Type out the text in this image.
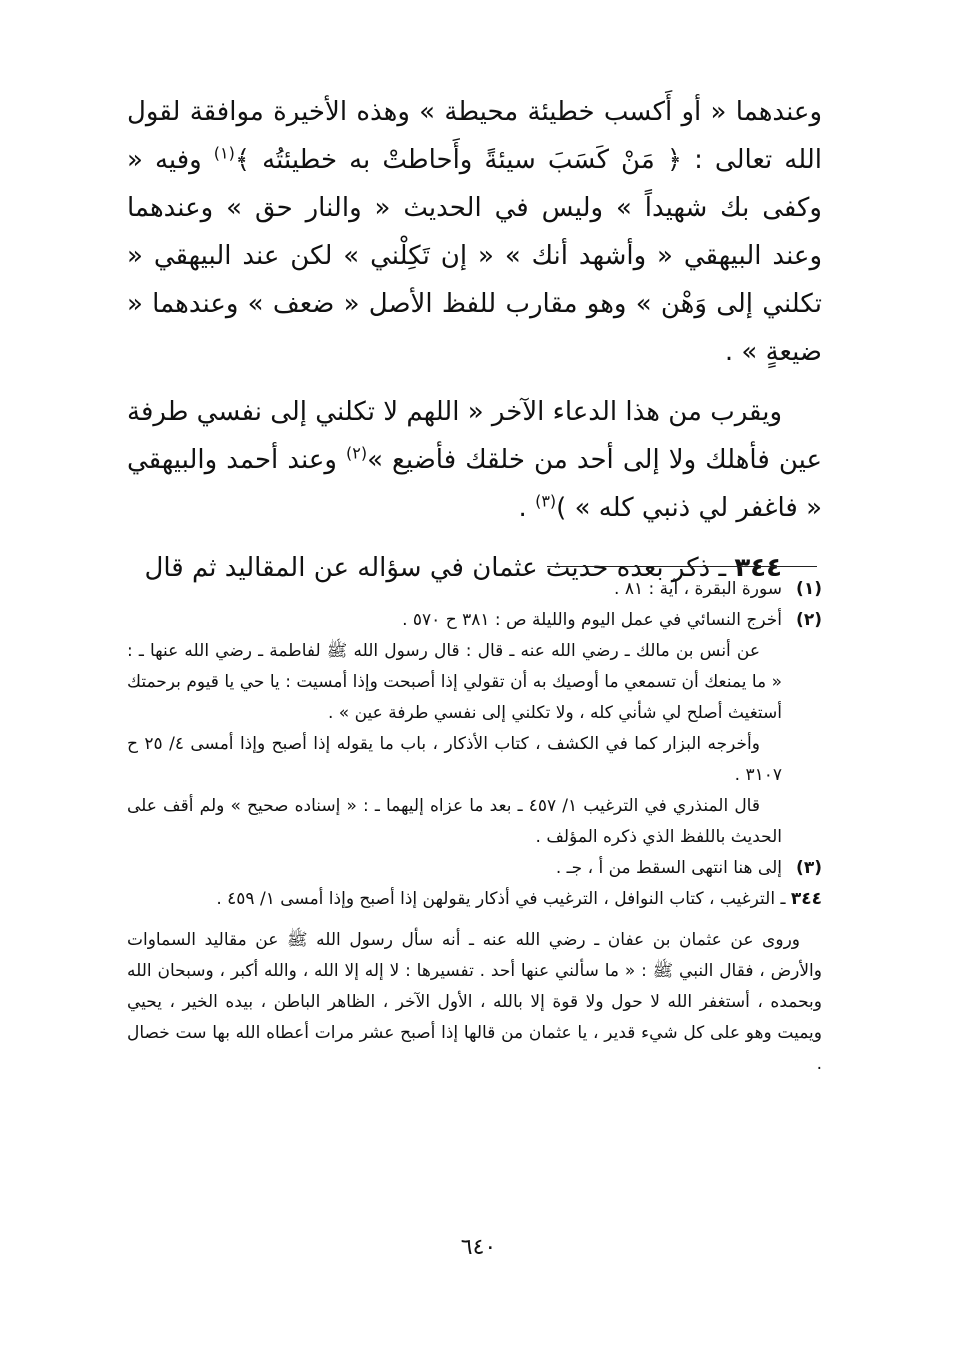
وعندهما « أو أَكسب خطيئة محيطة » وهذه الأخيرة موافقة لقول الله تعالى : ﴿ مَنْ كَسَبَ سيئةً وأَحاطتْ به خطيئتُه ﴾$^{(١)}$ وفيه « وكفى بك شهيداً » وليس في الحديث « والنار حق » وعندهما وعند البيهقي « وأشهد أنك » « إن تَكِلْني » لكن عند البيهقي « تكلني إلى وَهْن » وهو مقارب للفظ الأصل « ضعف » وعندهما « ضيعةٍ » .

ويقرب من هذا الدعاء الآخر « اللهم لا تكلني إلى نفسي طرفة عين فأهلك ولا إلى أحد من خلقك فأضيع »$^{(٢)}$ وعند أحمد والبيهقي « فاغفر لي ذنبي كله » )$^{(٣)}$ .

٣٤٤ ـ ذكر بعده حديث عثمان في سؤاله عن المقاليد ثم قال

(١)

سورة البقرة ، آية : ٨١ .

(٢)

أخرج النسائي في عمل اليوم والليلة ص : ٣٨١ ح ٥٧٠ .

عن أنس بن مالك ـ رضي الله عنه ـ قال : قال رسول الله ﷺ لفاطمة ـ رضي الله عنها ـ : « ما يمنعك أن تسمعي ما أوصيك به أن تقولي إذا أصبحت وإذا أمسيت : يا حي يا قيوم برحمتك أستغيث أصلح لي شأني كله ، ولا تكلني إلى نفسي طرفة عين » .

وأخرجه البزار كما في الكشف ، كتاب الأذكار ، باب ما يقوله إذا أصبح وإذا أمسى ٤/ ٢٥ ح ٣١٠٧ .

قال المنذري في الترغيب ١/ ٤٥٧ ـ بعد ما عزاه إليهما ـ : « إسناده صحيح » ولم أقف على الحديث باللفظ الذي ذكره المؤلف .

(٣)

إلى هنا انتهى السقط من أ ، جـ .

٣٤٤ ـ الترغيب ، كتاب النوافل ، الترغيب في أذكار يقولهن إذا أصبح وإذا أمسى ١/ ٤٥٩ .

وروى عن عثمان بن عفان ـ رضي الله عنه ـ أنه سأل رسول الله ﷺ عن مقاليد السماوات والأرض ، فقال النبي ﷺ : « ما سألني عنها أحد . تفسيرها : لا إله إلا الله ، والله أكبر ، وسبحان الله وبحمده ، أستغفر الله لا حول ولا قوة إلا بالله ، الأول الآخر ، الظاهر الباطن ، بيده الخير ، يحيي ويميت وهو على كل شيء قدير ، يا عثمان من قالها إذا أصبح عشر مرات أعطاه الله بها ست خصال .

٦٤٠
